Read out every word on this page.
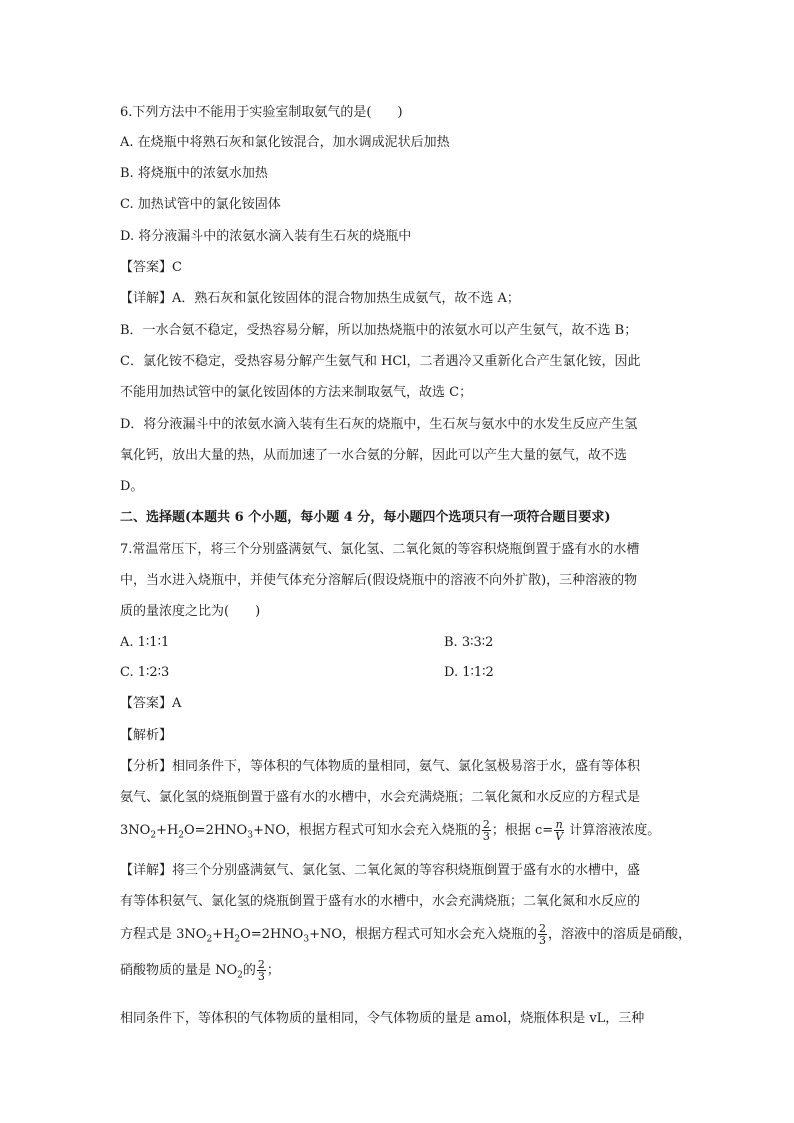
6.下列方法中不能用于实验室制取氨气的是(　　)
A. 在烧瓶中将熟石灰和氯化铵混合，加水调成泥状后加热
B. 将烧瓶中的浓氨水加热
C. 加热试管中的氯化铵固体
D. 将分液漏斗中的浓氨水滴入装有生石灰的烧瓶中
【答案】C
【详解】A．熟石灰和氯化铵固体的混合物加热生成氨气，故不选 A；
B．一水合氨不稳定，受热容易分解，所以加热烧瓶中的浓氨水可以产生氨气，故不选 B；
C．氯化铵不稳定，受热容易分解产生氨气和 HCl，二者遇冷又重新化合产生氯化铵，因此
不能用加热试管中的氯化铵固体的方法来制取氨气，故选 C；
D．将分液漏斗中的浓氨水滴入装有生石灰的烧瓶中，生石灰与氨水中的水发生反应产生氢
氧化钙，放出大量的热，从而加速了一水合氨的分解，因此可以产生大量的氨气，故不选
D。
二、选择题(本题共 6 个小题，每小题 4 分，每小题四个选项只有一项符合题目要求)
7.常温常压下，将三个分别盛满氨气、氯化氢、二氧化氮的等容积烧瓶倒置于盛有水的水槽
中，当水进入烧瓶中，并使气体充分溶解后(假设烧瓶中的溶液不向外扩散)，三种溶液的物
质的量浓度之比为(　　)
A. 1∶1∶1	B. 3∶3∶2
C. 1∶2∶3	D. 1∶1∶2
【答案】A
【解析】
【分析】相同条件下，等体积的气体物质的量相同，氨气、氯化氢极易溶于水，盛有等体积
氨气、氯化氢的烧瓶倒置于盛有水的水槽中，水会充满烧瓶；二氧化氮和水反应的方程式是
$3NO_2+H_2O=2HNO_3+NO$，根据方程式可知水会充入烧瓶的 $\frac{2}{3}$ ；根据 $c= \frac{n}{V}$ 计算溶液浓度。
【详解】将三个分别盛满氨气、氯化氢、二氧化氮的等容积烧瓶倒置于盛有水的水槽中，盛
有等体积氨气、氯化氢的烧瓶倒置于盛有水的水槽中，水会充满烧瓶；二氧化氮和水反应的
方程式是 $3NO_2+H_2O=2HNO_3+NO$，根据方程式可知水会充入烧瓶的 $\frac{2}{3}$ ，溶液中的溶质是硝酸，
硝酸物质的量是 $NO_2$的 $\frac{2}{3}$ ；
相同条件下，等体积的气体物质的量相同，令气体物质的量是 amol，烧瓶体积是 vL，三种
